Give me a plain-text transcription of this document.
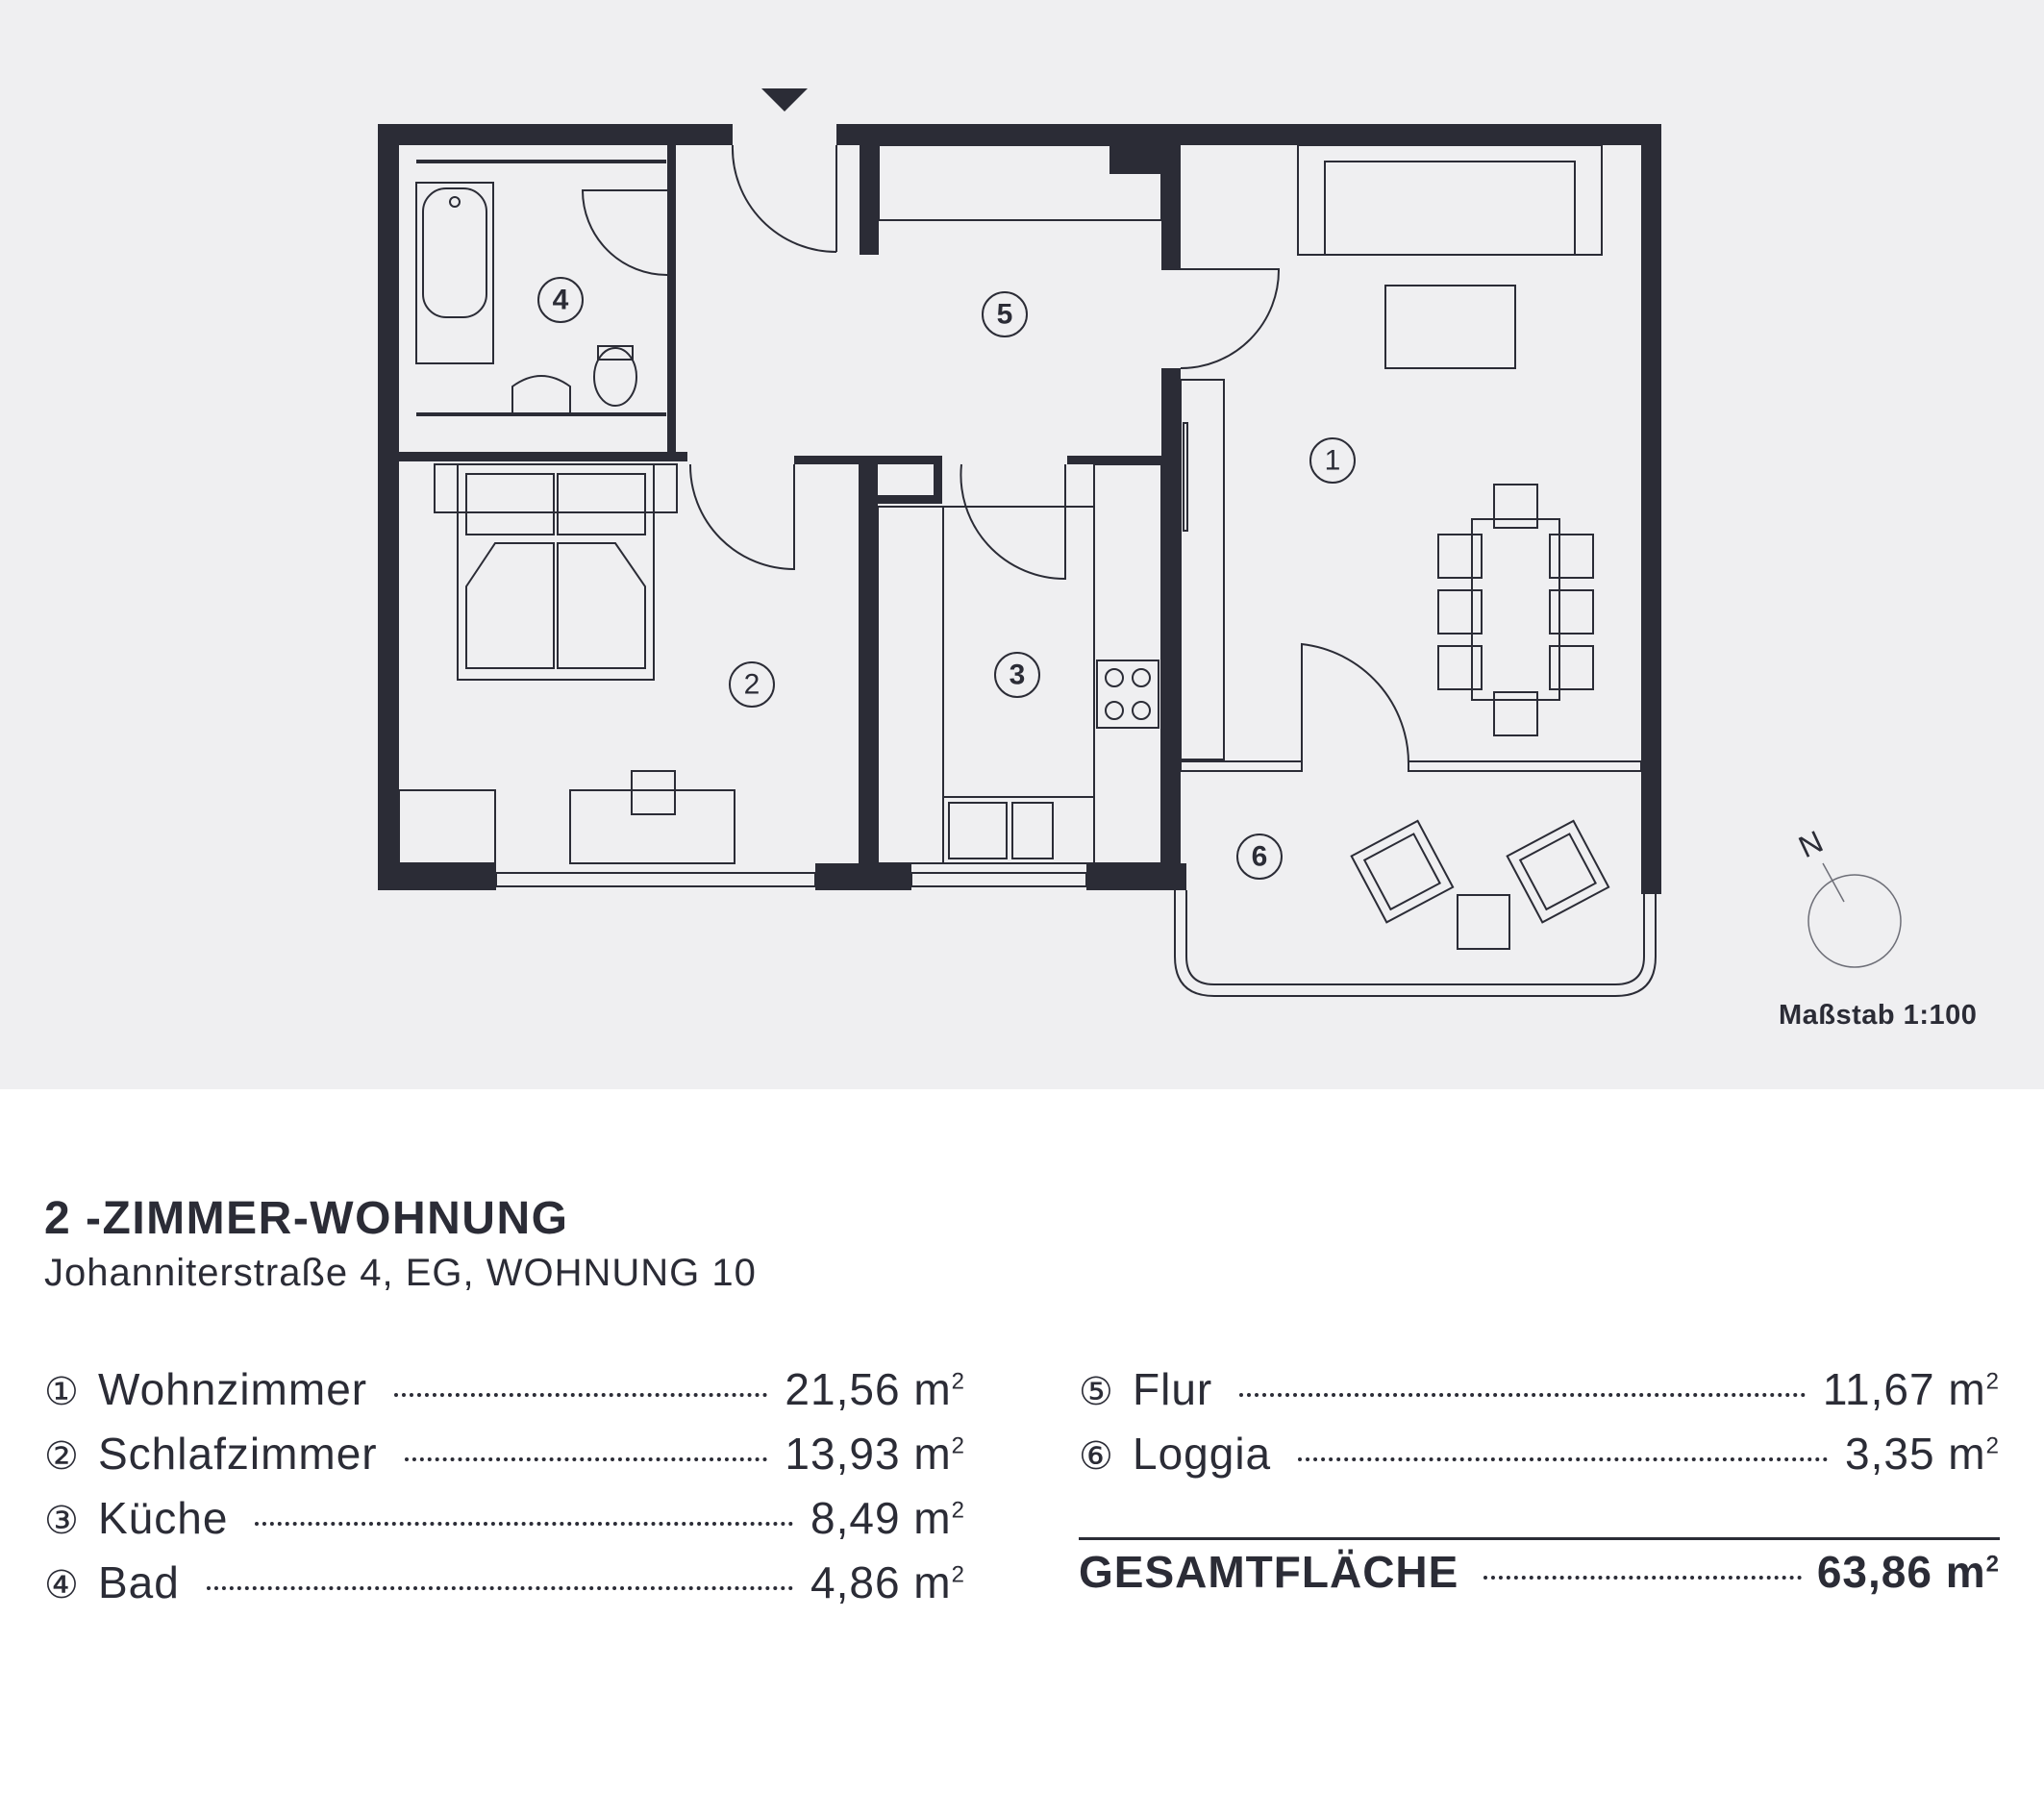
1
2	3
4	5
6	N
Maßstab 1:100
2 -ZIMMER-WOHNUNG
Johanniterstraße 4, EG, WOHNUNG 10
① Wohnzimmer	21,56 $m^2$
② Schlafzimmer	13,93 $m^2$
③ Küche	8,49 $m^2$
④ Bad	4,86 $m^2$
⑤ Flur	11,67 $m^2$
⑥ Loggia	3,35 $m^2$
GESAMTFLÄCHE	63,86 $m^2$
